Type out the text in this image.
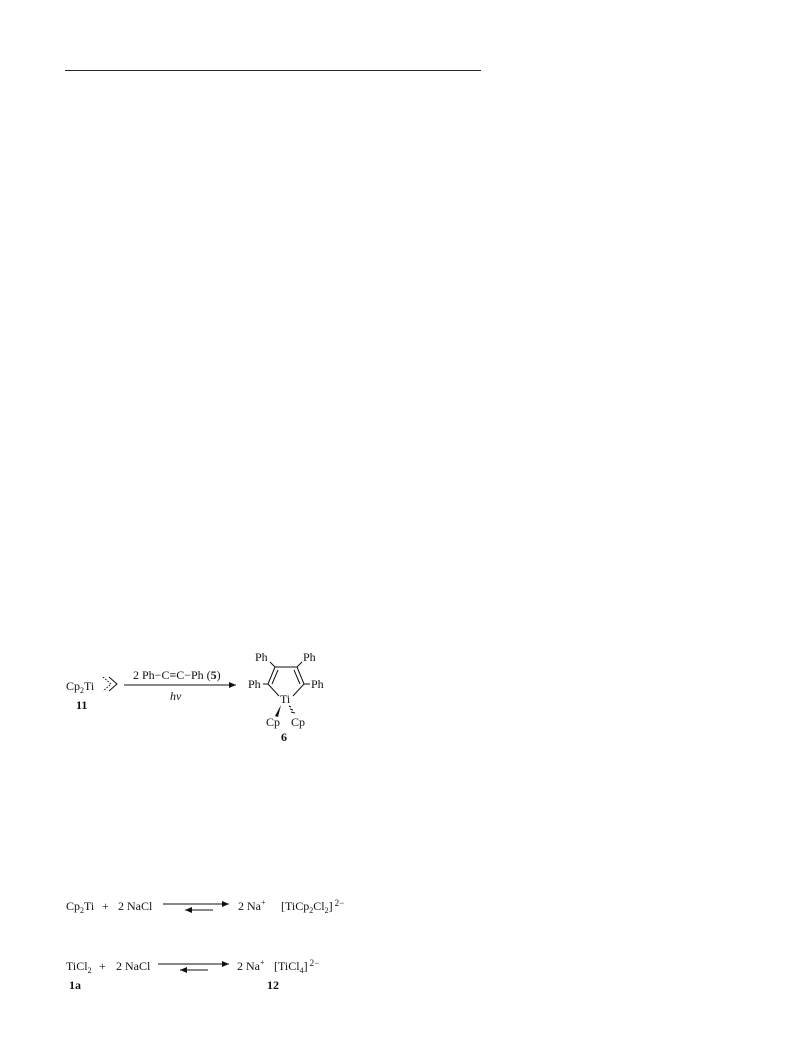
$Cp_2Ti$
11
2 Ph−C≡C−Ph (5)
hν
Ph	Ph
Ph	Ph
Ti
Cp Cp
6
$Cp_2Ti + 2$ NaCl	2 Na+ $[TiCp_2Cl_2]$ $^{2-}$
TiCl$_2$ + 2 NaCl	2 Na+ [TiCl$_4$] $^{2-}$
1a	12
